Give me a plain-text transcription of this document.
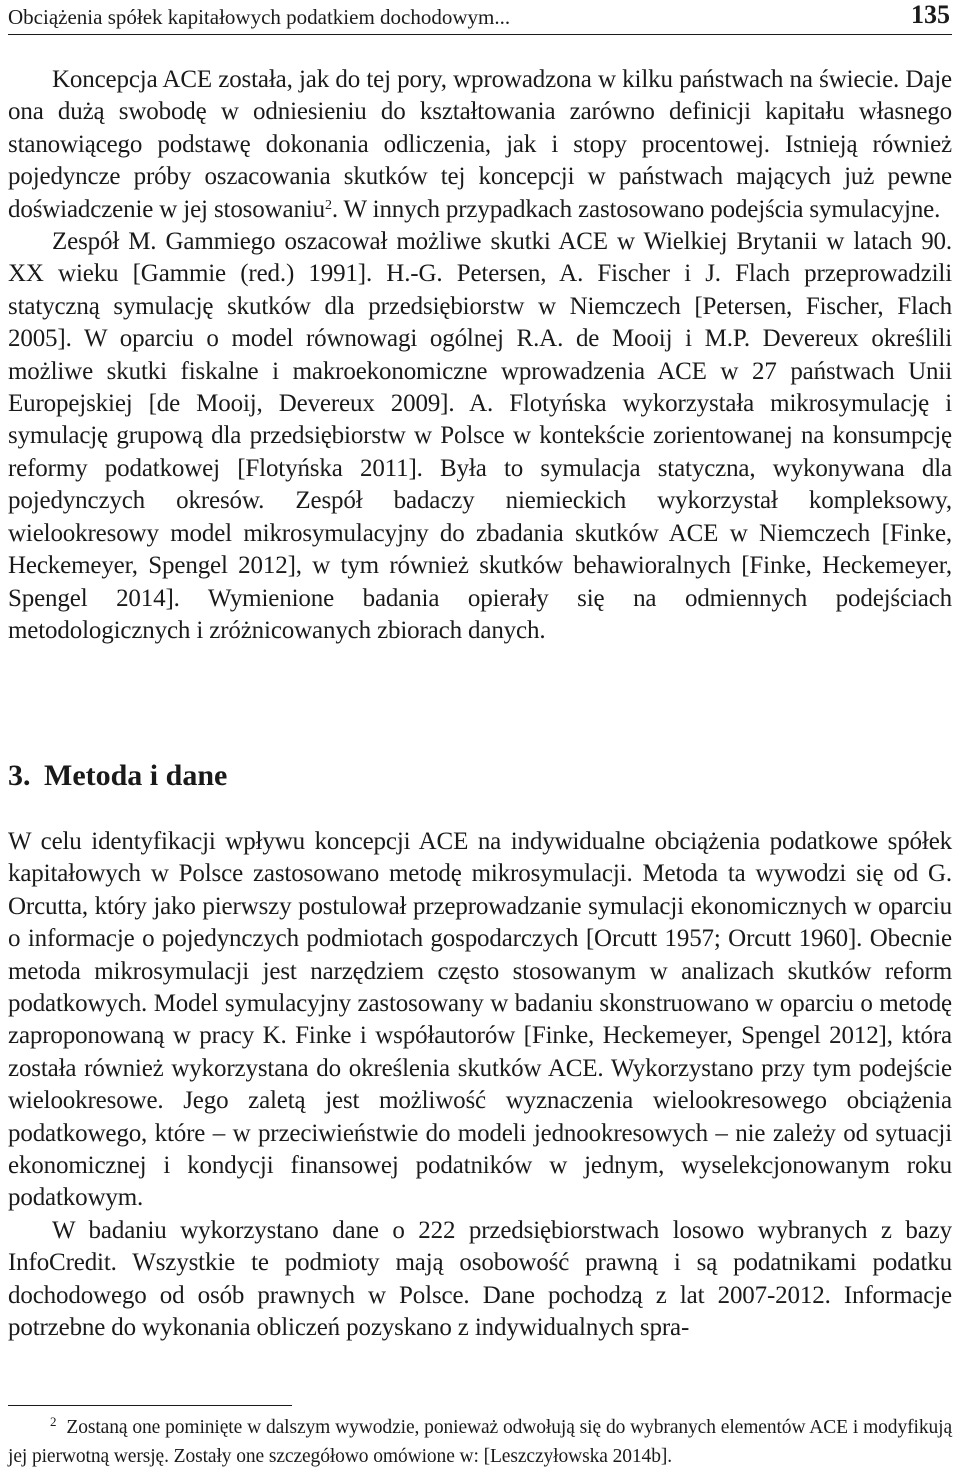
Obciążenia spółek kapitałowych podatkiem dochodowym...	135

Koncepcja ACE została, jak do tej pory, wprowadzona w kilku państwach na świecie. Daje ona dużą swobodę w odniesieniu do kształtowania zarówno definicji kapitału własnego stanowiącego podstawę dokonania odliczenia, jak i stopy procentowej. Istnieją również pojedyncze próby oszacowania skutków tej koncepcji w państwach mających już pewne doświadczenie w jej stosowaniu$^2$. W innych przypadkach zastosowano podejścia symulacyjne.

Zespół M. Gammiego oszacował możliwe skutki ACE w Wielkiej Brytanii w latach 90. XX wieku [Gammie (red.) 1991]. H.-G. Petersen, A. Fischer i J. Flach przeprowadzili statyczną symulację skutków dla przedsiębiorstw w Niemczech [Petersen, Fischer, Flach 2005]. W oparciu o model równowagi ogólnej R.A. de Mooij i M.P. Devereux określili możliwe skutki fiskalne i makroekonomiczne wprowadzenia ACE w 27 państwach Unii Europejskiej [de Mooij, Devereux 2009]. A. Flotyńska wykorzystała mikrosymulację i symulację grupową dla przedsiębiorstw w Polsce w kontekście zorientowanej na konsumpcję reformy podatkowej [Flotyńska 2011]. Była to symulacja statyczna, wykonywana dla pojedynczych okresów. Zespół badaczy niemieckich wykorzystał kompleksowy, wielookresowy model mikrosymulacyjny do zbadania skutków ACE w Niemczech [Finke, Heckemeyer, Spengel 2012], w tym również skutków behawioralnych [Finke, Heckemeyer, Spengel 2014]. Wymienione badania opierały się na odmiennych podejściach metodologicznych i zróżnicowanych zbiorach danych.

3. Metoda i dane

W celu identyfikacji wpływu koncepcji ACE na indywidualne obciążenia podatkowe spółek kapitałowych w Polsce zastosowano metodę mikrosymulacji. Metoda ta wywodzi się od G. Orcutta, który jako pierwszy postulował przeprowadzanie symulacji ekonomicznych w oparciu o informacje o pojedynczych podmiotach gospodarczych [Orcutt 1957; Orcutt 1960]. Obecnie metoda mikrosymulacji jest narzędziem często stosowanym w analizach skutków reform podatkowych. Model symulacyjny zastosowany w badaniu skonstruowano w oparciu o metodę zaproponowaną w pracy K. Finke i współautorów [Finke, Heckemeyer, Spengel 2012], która została również wykorzystana do określenia skutków ACE. Wykorzystano przy tym podejście wielookresowe. Jego zaletą jest możliwość wyznaczenia wielookresowego obciążenia podatkowego, które – w przeciwieństwie do modeli jednookresowych – nie zależy od sytuacji ekonomicznej i kondycji finansowej podatników w jednym, wyselekcjonowanym roku podatkowym.

W badaniu wykorzystano dane o 222 przedsiębiorstwach losowo wybranych z bazy InfoCredit. Wszystkie te podmioty mają osobowość prawną i są podatnikami podatku dochodowego od osób prawnych w Polsce. Dane pochodzą z lat 2007-2012. Informacje potrzebne do wykonania obliczeń pozyskano z indywidualnych spra-

$^2$ Zostaną one pominięte w dalszym wywodzie, ponieważ odwołują się do wybranych elementów ACE i modyfikują jej pierwotną wersję. Zostały one szczegółowo omówione w: [Leszczyłowska 2014b].
